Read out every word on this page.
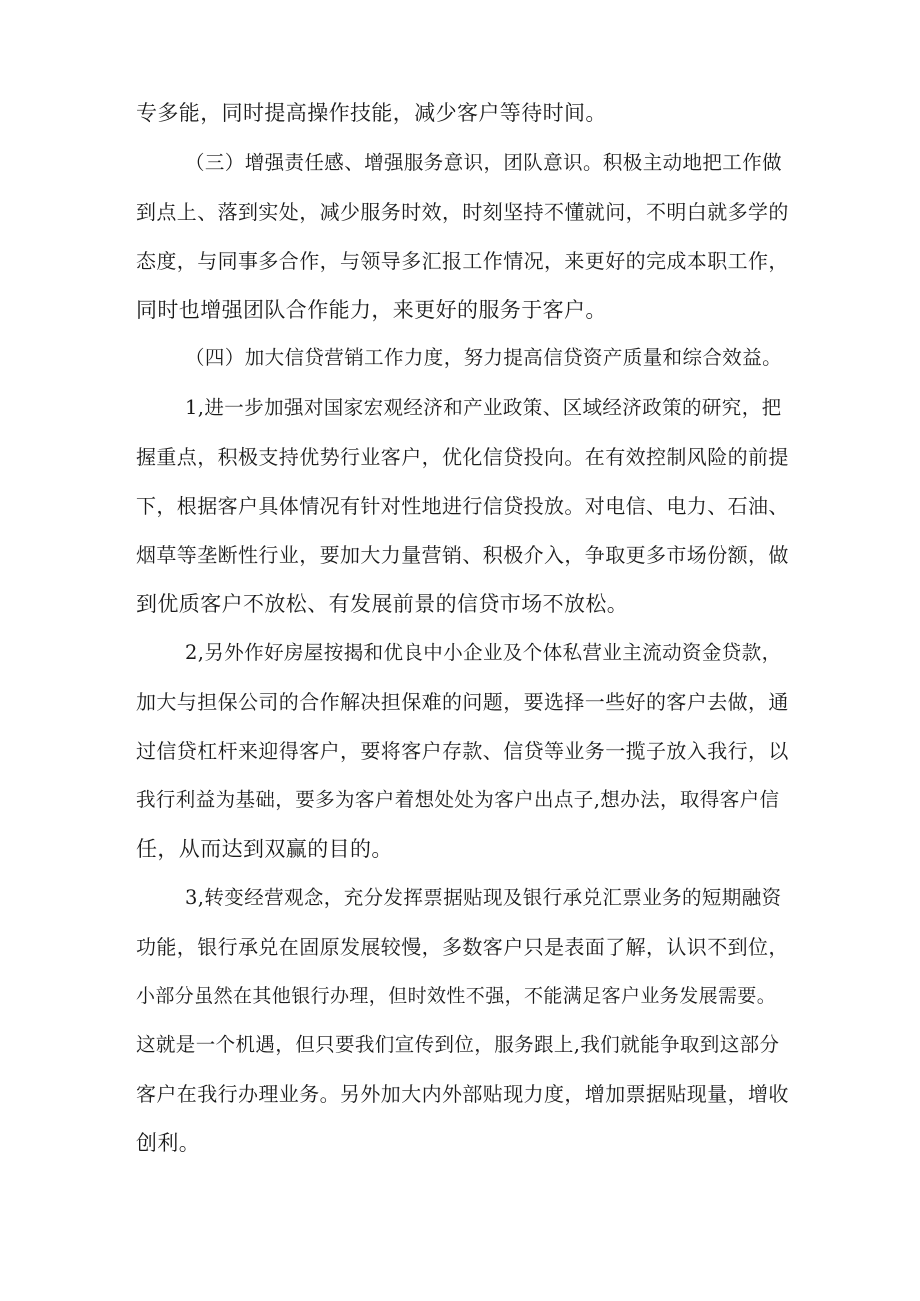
专多能，同时提高操作技能，减少客户等待时间。
（三）增强责任感、增强服务意识，团队意识。积极主动地把工作做
到点上、落到实处，减少服务时效，时刻坚持不懂就问，不明白就多学的
态度，与同事多合作，与领导多汇报工作情况，来更好的完成本职工作，
同时也增强团队合作能力，来更好的服务于客户。
（四）加大信贷营销工作力度，努力提高信贷资产质量和综合效益。
1,进一步加强对国家宏观经济和产业政策、区域经济政策的研究，把
握重点，积极支持优势行业客户，优化信贷投向。在有效控制风险的前提
下，根据客户具体情况有针对性地进行信贷投放。对电信、电力、石油、
烟草等垄断性行业，要加大力量营销、积极介入，争取更多市场份额，做
到优质客户不放松、有发展前景的信贷市场不放松。
2,另外作好房屋按揭和优良中小企业及个体私营业主流动资金贷款，
加大与担保公司的合作解决担保难的问题，要选择一些好的客户去做，通
过信贷杠杆来迎得客户，要将客户存款、信贷等业务一揽子放入我行，以
我行利益为基础，要多为客户着想处处为客户出点子,想办法，取得客户信
任，从而达到双赢的目的。
3,转变经营观念，充分发挥票据贴现及银行承兑汇票业务的短期融资
功能，银行承兑在固原发展较慢，多数客户只是表面了解，认识不到位，
小部分虽然在其他银行办理，但时效性不强，不能满足客户业务发展需要。
这就是一个机遇，但只要我们宣传到位，服务跟上,我们就能争取到这部分
客户在我行办理业务。另外加大内外部贴现力度，增加票据贴现量，增收
创利。
